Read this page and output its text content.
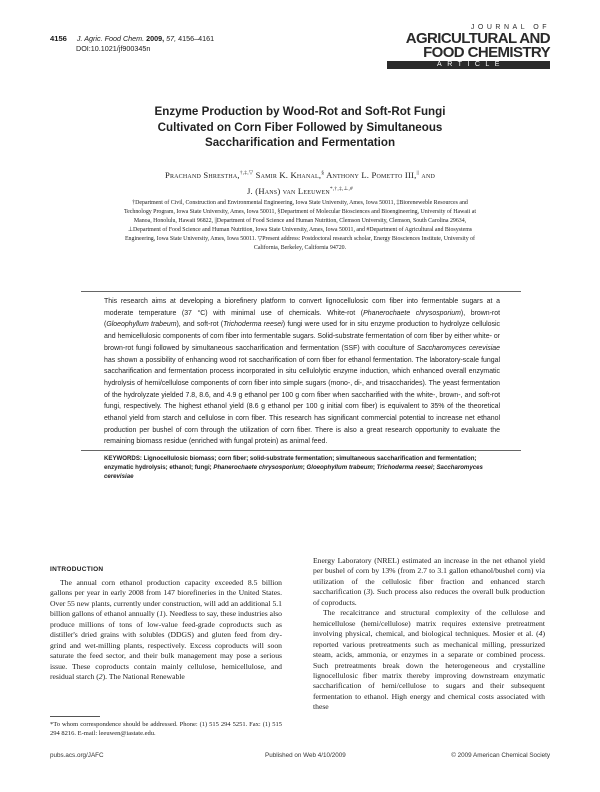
4156 J. Agric. Food Chem. 2009, 57, 4156–4161
DOI:10.1021/jf900345n
JOURNAL OF
AGRICULTURAL AND
FOOD CHEMISTRY
ARTICLE
Enzyme Production by Wood-Rot and Soft-Rot Fungi
Cultivated on Corn Fiber Followed by Simultaneous
Saccharification and Fermentation
Prachand Shrestha,†,‡,▽ Samir K. Khanal,§ Anthony L. Pometto III,|| and
J. (Hans) van Leeuwen*,†,‡,⊥,#
†Department of Civil, Construction and Environmental Engineering, Iowa State University, Ames, Iowa 50011, ‡Bioreneweble Resources and Technology Program, Iowa State University, Ames, Iowa 50011, §Department of Molecular Biosciences and Bioengineering, University of Hawaii at Manoa, Honolulu, Hawaii 96822, ||Department of Food Science and Human Nutrition, Clemson University, Clemson, South Carolina 29634, ⊥Department of Food Science and Human Nutrition, Iowa State University, Ames, Iowa 50011, and #Department of Agricultural and Biosystems Engineering, Iowa State University, Ames, Iowa 50011. ▽Present address: Postdoctoral research scholar, Energy Biosciences Institute, University of California, Berkeley, California 94720.
This research aims at developing a biorefinery platform to convert lignocellulosic corn fiber into fermentable sugars at a moderate temperature (37 °C) with minimal use of chemicals. White-rot (Phanerochaete chrysosporium), brown-rot (Gloeophyllum trabeum), and soft-rot (Trichoderma reesei) fungi were used for in situ enzyme production to hydrolyze cellulosic and hemicellulosic components of corn fiber into fermentable sugars. Solid-substrate fermentation of corn fiber by either white- or brown-rot fungi followed by simultaneous saccharification and fermentation (SSF) with coculture of Saccharomyces cerevisiae has shown a possibility of enhancing wood rot saccharification of corn fiber for ethanol fermentation. The laboratory-scale fungal saccharification and fermentation process incorporated in situ cellulolytic enzyme induction, which enhanced overall enzymatic hydrolysis of hemi/cellulose components of corn fiber into simple sugars (mono-, di-, and trisaccharides). The yeast fermentation of the hydrolyzate yielded 7.8, 8.6, and 4.9 g ethanol per 100 g corn fiber when saccharified with the white-, brown-, and soft-rot fungi, respectively. The highest ethanol yield (8.6 g ethanol per 100 g initial corn fiber) is equivalent to 35% of the theoretical ethanol yield from starch and cellulose in corn fiber. This research has significant commercial potential to increase net ethanol production per bushel of corn through the utilization of corn fiber. There is also a great research opportunity to evaluate the remaining biomass residue (enriched with fungal protein) as animal feed.
KEYWORDS: Lignocellulosic biomass; corn fiber; solid-substrate fermentation; simultaneous saccharification and fermentation; enzymatic hydrolysis; ethanol; fungi; Phanerochaete chrysosporium; Gloeophyllum trabeum; Trichoderma reesei; Saccharomyces cerevisiae
INTRODUCTION

The annual corn ethanol production capacity exceeded 8.5 billion gallons per year in early 2008 from 147 biorefineries in the United States. Over 55 new plants, currently under construction, will add an additional 5.1 billion gallons of ethanol annually (1). Needless to say, these industries also produce millions of tons of low-value feed-grade coproducts such as distiller's dried grains with solubles (DDGS) and gluten feed from dry-grind and wet-milling plants, respectively. Excess coproducts will soon saturate the feed sector, and their bulk management may pose a serious issue. These coproducts contain mainly cellulose, hemicellulose, and residual starch (2). The National Renewable

*To whom correspondence should be addressed. Phone: (1) 515 294 5251. Fax: (1) 515 294 8216. E-mail: leeuwen@iastate.edu.

Energy Laboratory (NREL) estimated an increase in the net ethanol yield per bushel of corn by 13% (from 2.7 to 3.1 gallon ethanol/bushel corn) via utilization of the cellulosic fiber fraction and enhanced starch saccharification (3). Such process also reduces the overall bulk production of coproducts.

The recalcitrance and structural complexity of the cellulose and hemicellulose (hemi/cellulose) matrix requires extensive pretreatment involving physical, chemical, and biological techniques. Mosier et al. (4) reported various pretreatments such as mechanical milling, pressurized steam, acids, ammonia, or enzymes in a separate or combined process. Such pretreatments break down the heterogeneous and crystalline lignocellulosic fiber matrix thereby improving downstream enzymatic saccharification of hemi/cellulose to sugars and their subsequent fermentation to ethanol. High energy and chemical costs associated with these

pubs.acs.org/JAFC	Published on Web 4/10/2009	© 2009 American Chemical Society
